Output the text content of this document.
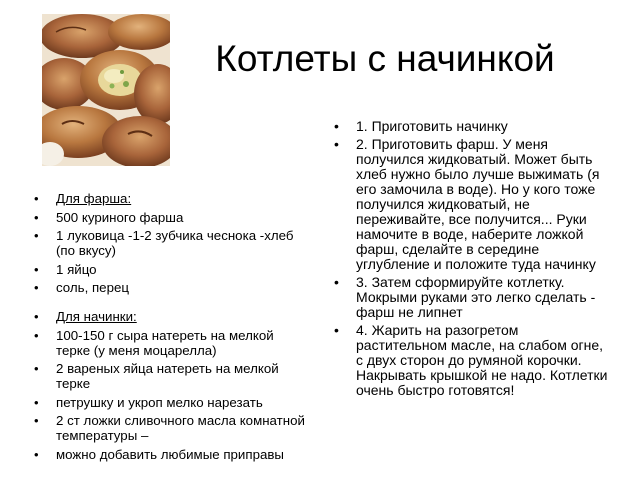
Котлеты с начинкой
• Для фарша:
• 500 куриного фарша
• 1 луковица -1-2 зубчика чеснока -хлеб (по вкусу)
• 1 яйцо
• соль, перец
• Для начинки:
• 100-150 г сыра натереть на мелкой терке (у меня моцарелла)
• 2 вареных яйца натереть на мелкой терке
• петрушку и укроп мелко нарезать
• 2 ст ложки сливочного масла комнатной температуры –
• можно добавить любимые приправы
• 1. Приготовить начинку
• 2. Приготовить фарш. У меня получился жидковатый. Может быть хлеб нужно было лучше выжимать (я его замочила в воде). Но у кого тоже получился жидковатый, не переживайте, все получится... Руки намочите в воде, наберите ложкой фарш, сделайте в середине углубление и положите туда начинку
• 3. Затем сформируйте котлетку. Мокрыми руками это легко сделать - фарш не липнет
• 4. Жарить на разогретом растительном масле, на слабом огне, с двух сторон до румяной корочки. Накрывать крышкой не надо. Котлетки очень быстро готовятся!
